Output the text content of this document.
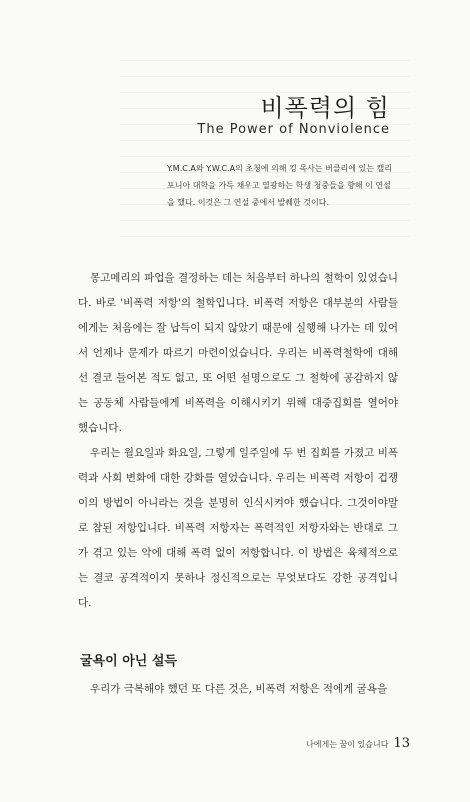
비폭력의 힘
The Power of Nonviolence

Y.M.C.A와 Y.W.C.A의 초청에 의해 킹 목사는 버클리에 있는 캘리포니아 대학을 가득 채우고 열광하는 학생 청중들을 향해 이 연설을 했다. 이것은 그 연설 중에서 발췌한 것이다.

몽고메리의 파업을 결정하는 데는 처음부터 하나의 철학이 있었습니다. 바로 '비폭력 저항'의 철학입니다. 비폭력 저항은 대부분의 사람들에게는 처음에는 잘 납득이 되지 않았기 때문에 실행해 나가는 데 있어서 언제나 문제가 따르기 마련이었습니다. 우리는 비폭력철학에 대해선 결코 들어본 적도 없고, 또 어떤 설명으로도 그 철학에 공감하지 않는 공동체 사람들에게 비폭력을 이해시키기 위해 대중집회를 열어야 했습니다.

우리는 월요일과 화요일, 그렇게 일주일에 두 번 집회를 가졌고 비폭력과 사회 변화에 대한 강화를 열었습니다. 우리는 비폭력 저항이 겁쟁이의 방법이 아니라는 것을 분명히 인식시켜야 했습니다. 그것이야말로 참된 저항입니다. 비폭력 저항자는 폭력적인 저항자와는 반대로 그가 겪고 있는 악에 대해 폭력 없이 저항합니다. 이 방법은 육체적으로는 결코 공격적이지 못하나 정신적으로는 무엇보다도 강한 공격입니다.

굴욕이 아닌 설득

우리가 극복해야 했던 또 다른 것은, 비폭력 저항은 적에게 굴욕을

나에게는 꿈이 있습니다 13
